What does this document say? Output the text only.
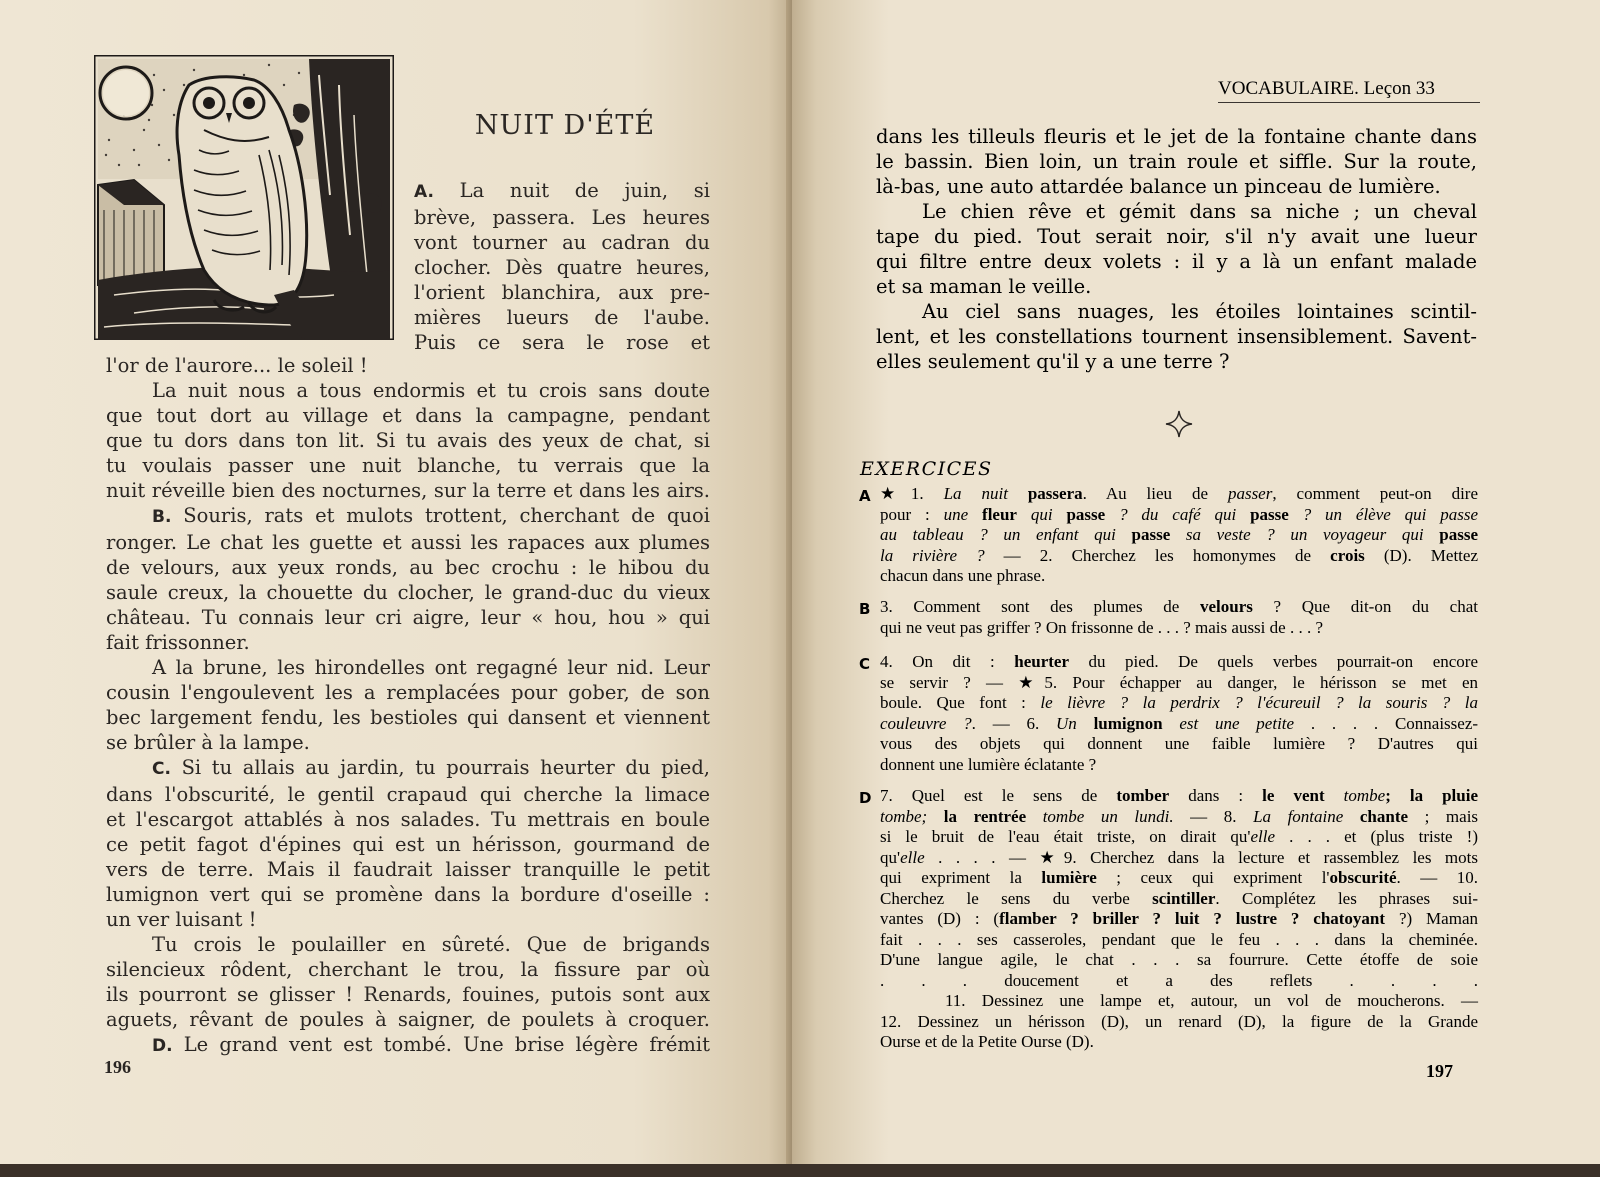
NUIT D'ÉTÉ
A. La nuit de juin, si
brève, passera. Les heures
vont tourner au cadran du
clocher. Dès quatre heures,
l'orient blanchira, aux pre-
mières lueurs de l'aube.
Puis ce sera le rose et
l'or de l'aurore... le soleil !
La nuit nous a tous endormis et tu crois sans doute
que tout dort au village et dans la campagne, pendant
que tu dors dans ton lit. Si tu avais des yeux de chat, si
tu voulais passer une nuit blanche, tu verrais que la
nuit réveille bien des nocturnes, sur la terre et dans les airs.
B. Souris, rats et mulots trottent, cherchant de quoi
ronger. Le chat les guette et aussi les rapaces aux plumes
de velours, aux yeux ronds, au bec crochu : le hibou du
saule creux, la chouette du clocher, le grand-duc du vieux
château. Tu connais leur cri aigre, leur « hou, hou » qui
fait frissonner.
A la brune, les hirondelles ont regagné leur nid. Leur
cousin l'engoulevent les a remplacées pour gober, de son
bec largement fendu, les bestioles qui dansent et viennent
se brûler à la lampe.
C. Si tu allais au jardin, tu pourrais heurter du pied,
dans l'obscurité, le gentil crapaud qui cherche la limace
et l'escargot attablés à nos salades. Tu mettrais en boule
ce petit fagot d'épines qui est un hérisson, gourmand de
vers de terre. Mais il faudrait laisser tranquille le petit
lumignon vert qui se promène dans la bordure d'oseille :
un ver luisant !
Tu crois le poulailler en sûreté. Que de brigands
silencieux rôdent, cherchant le trou, la fissure par où
ils pourront se glisser ! Renards, fouines, putois sont aux
aguets, rêvant de poules à saigner, de poulets à croquer.
D. Le grand vent est tombé. Une brise légère frémit
196
VOCABULAIRE. Leçon 33
dans les tilleuls fleuris et le jet de la fontaine chante dans
le bassin. Bien loin, un train roule et siffle. Sur la route,
là-bas, une auto attardée balance un pinceau de lumière.
Le chien rêve et gémit dans sa niche ; un cheval
tape du pied. Tout serait noir, s'il n'y avait une lueur
qui filtre entre deux volets : il y a là un enfant malade
et sa maman le veille.
Au ciel sans nuages, les étoiles lointaines scintil-
lent, et les constellations tournent insensiblement. Savent-
elles seulement qu'il y a une terre ?
EXERCICES
A ★1. La nuit passera. Au lieu de passer, comment peut-on dire
pour : une fleur qui passe ? du café qui passe ? un élève qui passe
au tableau ? un enfant qui passe sa veste ? un voyageur qui passe
la rivière ? — 2. Cherchez les homonymes de crois (D). Mettez
chacun dans une phrase.
B 3. Comment sont des plumes de velours ? Que dit-on du chat
qui ne veut pas griffer ? On frissonne de . . . ? mais aussi de . . . ?
C 4. On dit : heurter du pied. De quels verbes pourrait-on encore
se servir ? — ★5. Pour échapper au danger, le hérisson se met en
boule. Que font : le lièvre ? la perdrix ? l'écureuil ? la souris ? la
couleuvre ?. — 6. Un lumignon est une petite . . . . Connaissez-
vous des objets qui donnent une faible lumière ? D'autres qui
donnent une lumière éclatante ?
D 7. Quel est le sens de tomber dans : le vent tombe; la pluie
tombe; la rentrée tombe un lundi. — 8. La fontaine chante ; mais
si le bruit de l'eau était triste, on dirait qu'elle . . . et (plus triste !)
qu'elle . . . . — ★9. Cherchez dans la lecture et rassemblez les mots
qui expriment la lumière ; ceux qui expriment l'obscurité. — 10.
Cherchez le sens du verbe scintiller. Complétez les phrases sui-
vantes (D) : (flamber ? briller ? luit ? lustre ? chatoyant ?) Maman
fait . . . ses casseroles, pendant que le feu . . . dans la cheminée.
D'une langue agile, le chat . . . sa fourrure. Cette étoffe de soie
. . . doucement et a des reflets . . . .
11. Dessinez une lampe et, autour, un vol de moucherons. —
12. Dessinez un hérisson (D), un renard (D), la figure de la Grande
Ourse et de la Petite Ourse (D).
197
